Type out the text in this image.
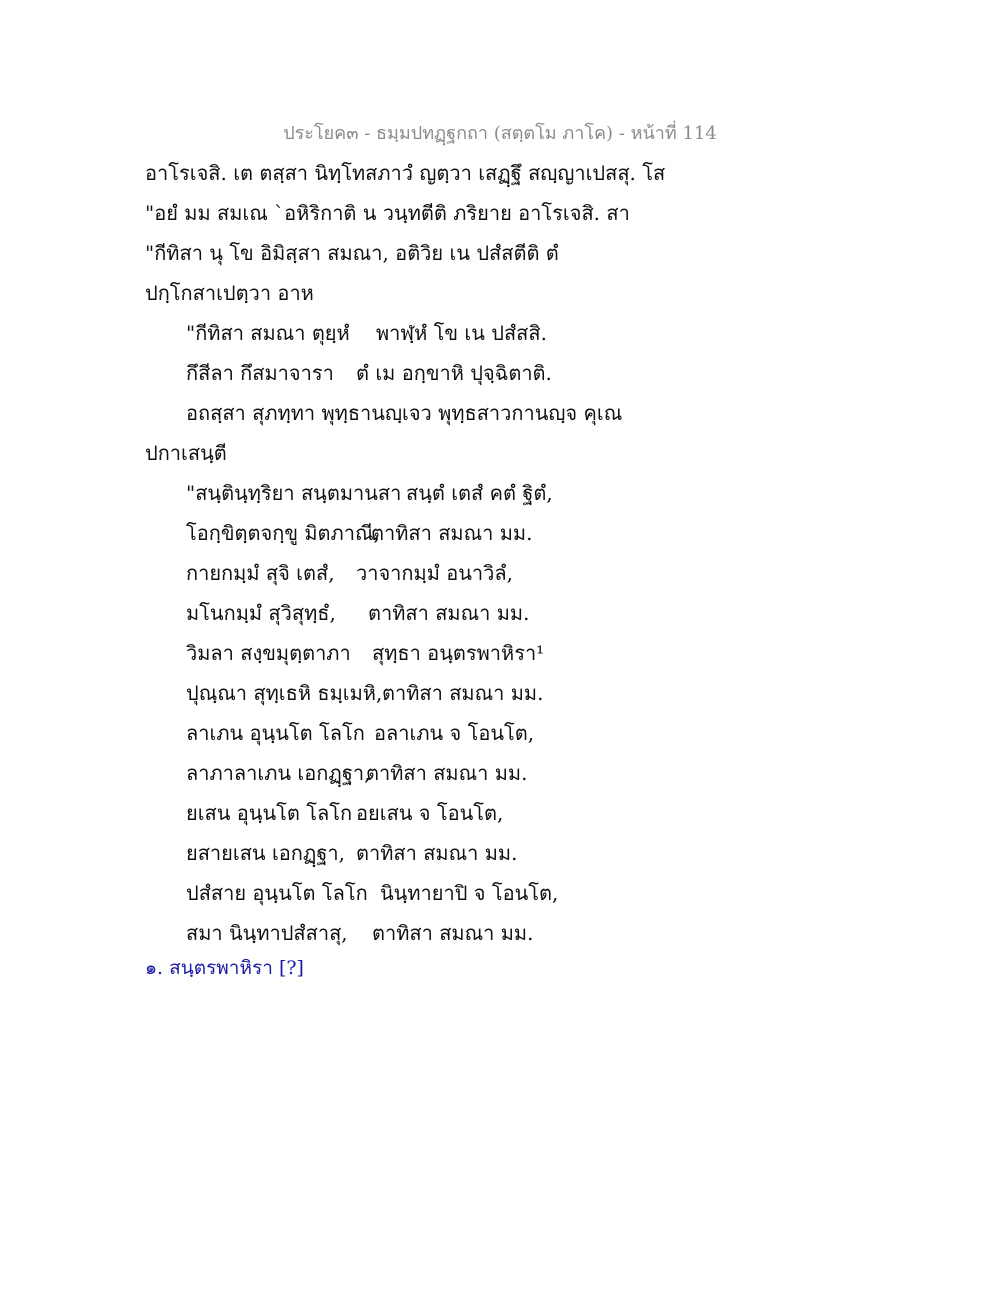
ประโยค๓ - ธมฺมปทฏฺฐกถา (สตฺตโม ภาโค) - หน้าที่ 114
อาโรเจสิ. เต ตสฺสา นิทฺโทสภาวํ ญตฺวา เสฏฺฐึ สญฺญาเปสสุ. โส
"อยํ มม สมเณ `อหิริกาติ น วนฺทตีติ ภริยาย อาโรเจสิ. สา
"กีทิสา นุ โข อิมิสฺสา สมณา, อติวิย เน ปสํสตีติ ตํ
ปกฺโกสาเปตฺวา อาห
"กีทิสา สมณา ตุยฺหํ พาฬฺหํ โข เน ปสํสสิ.
กึสีลา กึสมาจารา ตํ เม อกฺขาหิ ปุจฺฉิตาติ.
อถสฺสา สุภทฺทา พุทฺธานญฺเจว พุทฺธสาวกานญฺจ คุเณ
ปกาเสนฺตี
"สนฺตินฺทฺริยา สนฺตมานสา สนฺตํ เตสํ คตํ ฐิตํ,
โอกฺขิตฺตจกฺขู มิตภาณี,ตาทิสา สมณา มม.
กายกมฺมํ สุจิ เตสํ, วาจากมฺมํ อนาวิลํ,
มโนกมฺมํ สุวิสุทฺธํ, ตาทิสา สมณา มม.
วิมลา สงฺขมุตฺตาภา สุทฺธา อนฺตรพาหิรา¹
ปุณฺณา สุทฺเธหิ ธมฺเมหิ,ตาทิสา สมณา มม.
ลาเภน อุนฺนโต โลโก อลาเภน จ โอนโต,
ลาภาลาเภน เอกฏฺฐา,ตาทิสา สมณา มม.
ยเสน อุนฺนโต โลโก อยเสน จ โอนโต,
ยสายเสน เอกฏฺฐา, ตาทิสา สมณา มม.
ปสํสาย อุนฺนโต โลโก นินฺทายาปิ จ โอนโต,
สมา นินฺทาปสํสาสุ, ตาทิสา สมณา มม.
๑. สนฺตรพาหิรา [?]
